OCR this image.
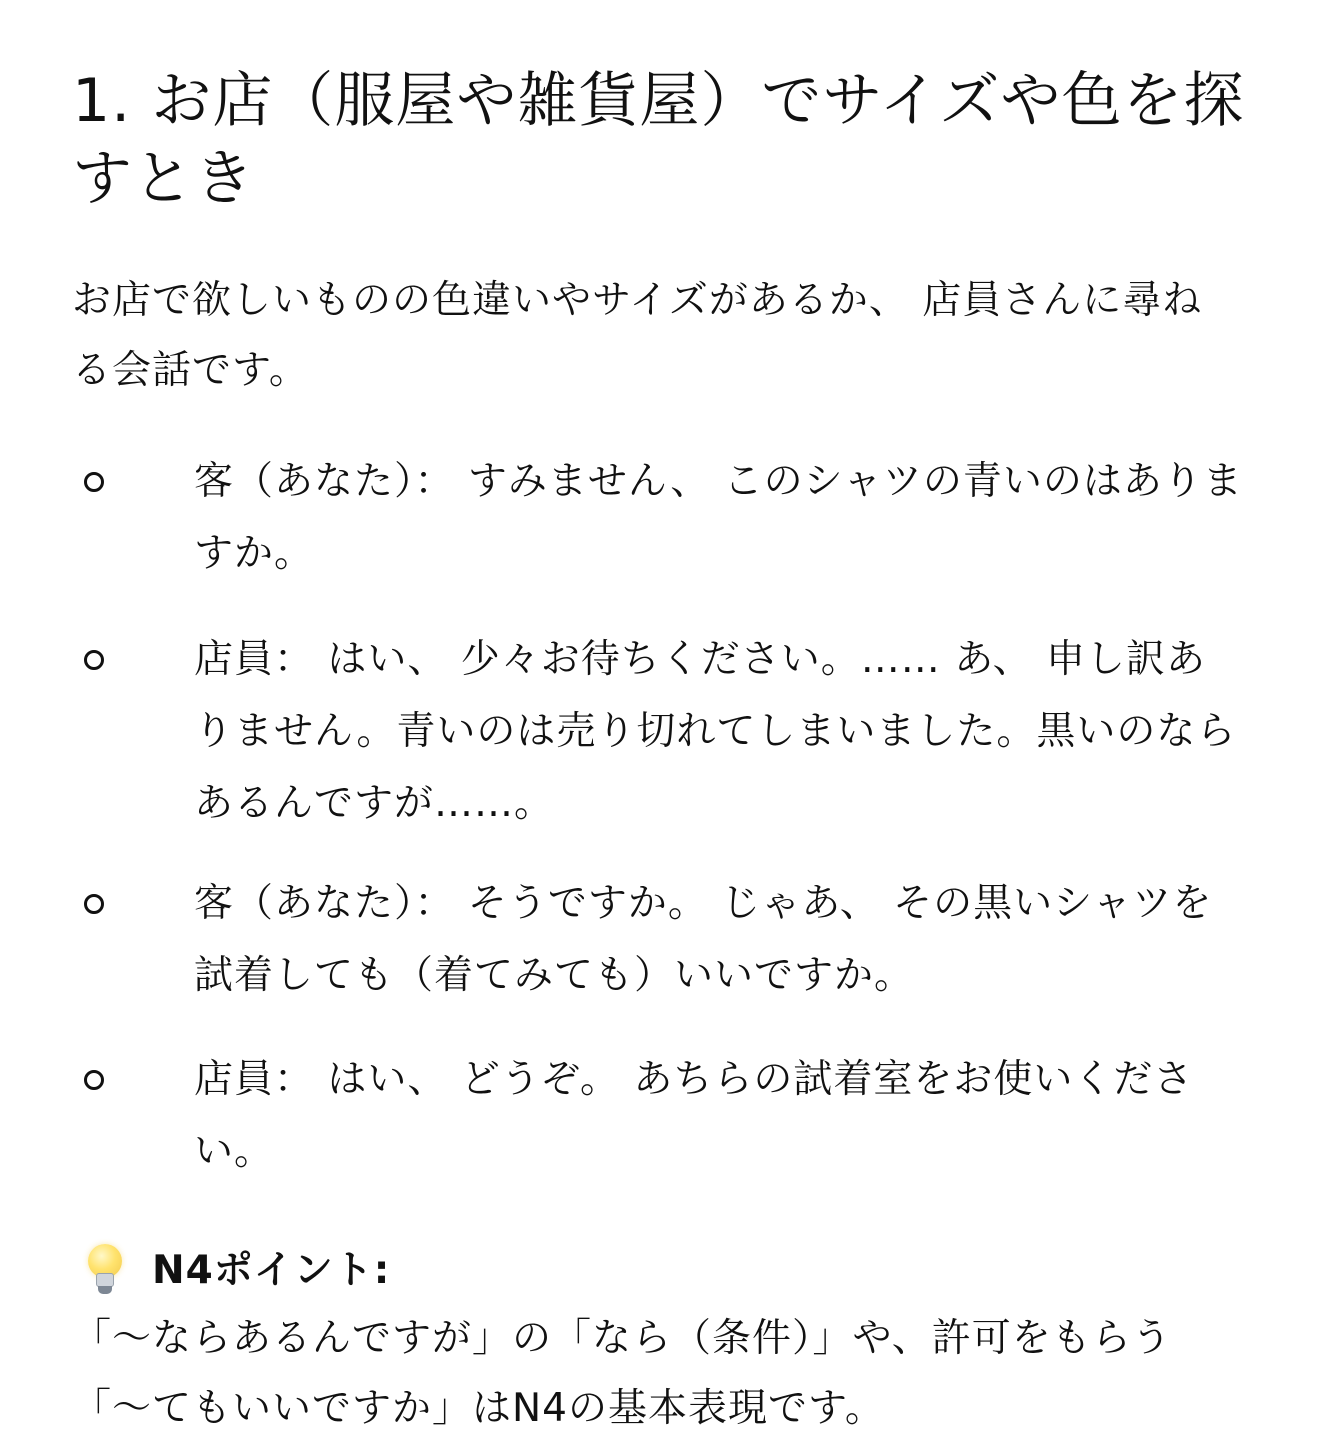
1. お店（服屋や雑貨屋）でサイズや色を探すとき

お店で欲しいものの色違いやサイズがあるか、 店員さんに尋ねる会話です。

客（あなた）： すみません、 このシャツの青いのはありますか。
店員： はい、 少々お待ちください。…… あ、 申し訳ありません。青いのは売り切れてしまいました。黒いのならあるんですが……。
客（あなた）： そうですか。 じゃあ、 その黒いシャツを試着しても（着てみても）いいですか。
店員： はい、 どうぞ。 あちらの試着室をお使いください。
N4ポイント:

「～ならあるんですが」の「なら（条件）」や、許可をもらう「〜てもいいですか」はN4の基本表現です。
